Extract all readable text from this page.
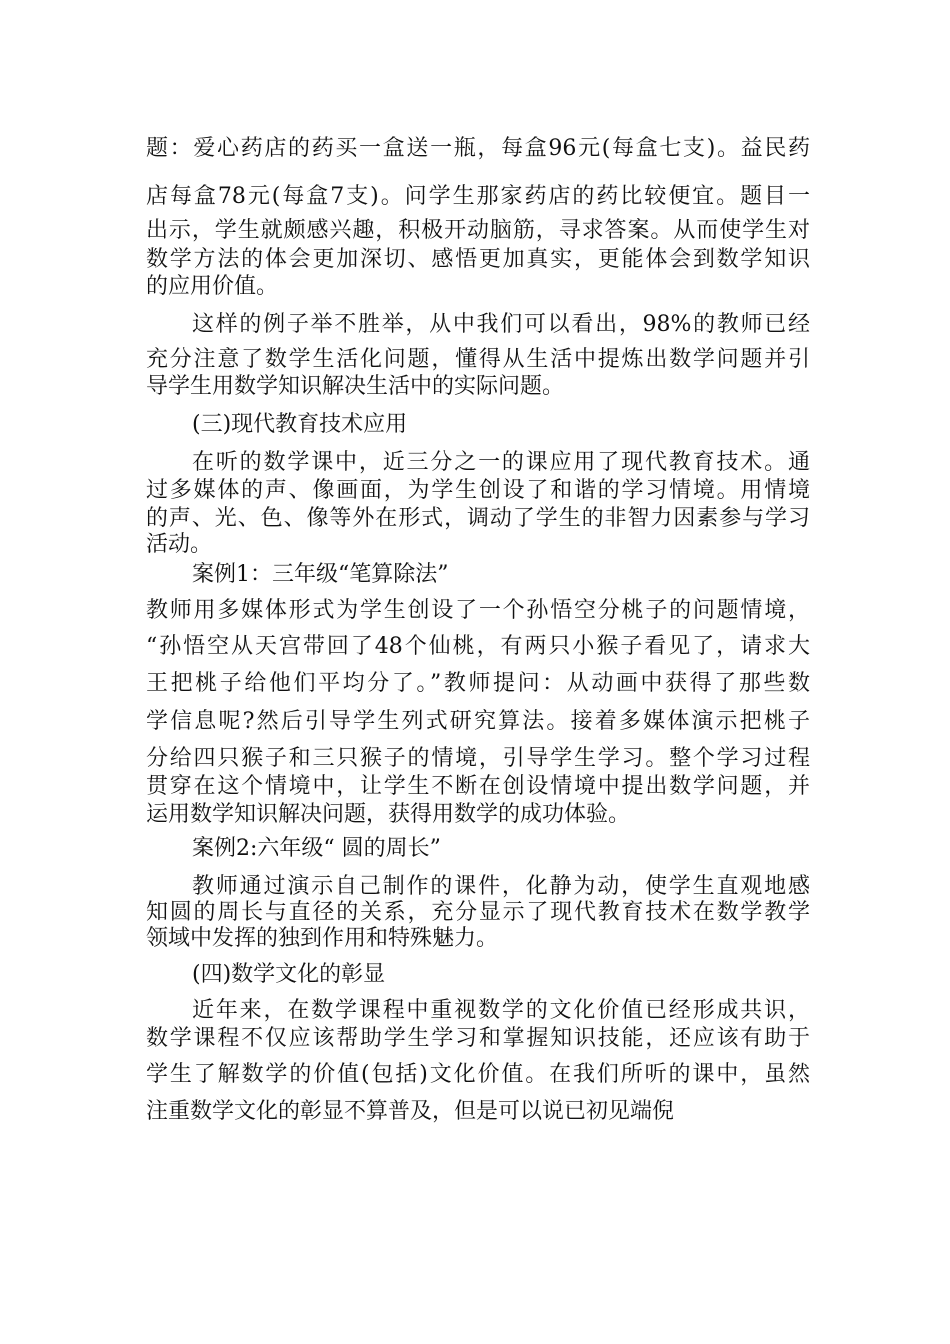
题：爱心药店的药买一盒送一瓶，每盒96元(每盒七支)。益民药
店每盒78元(每盒7支)。问学生那家药店的药比较便宜。题目一
出示，学生就颇感兴趣，积极开动脑筋，寻求答案。从而使学生对
数学方法的体会更加深切、感悟更加真实，更能体会到数学知识
的应用价值。
这样的例子举不胜举，从中我们可以看出，98%的教师已经
充分注意了数学生活化问题，懂得从生活中提炼出数学问题并引
导学生用数学知识解决生活中的实际问题。
(三)现代教育技术应用
在听的数学课中，近三分之一的课应用了现代教育技术。通
过多媒体的声、像画面，为学生创设了和谐的学习情境。用情境
的声、光、色、像等外在形式，调动了学生的非智力因素参与学习
活动。
案例1：三年级“笔算除法”
教师用多媒体形式为学生创设了一个孙悟空分桃子的问题情境，
“孙悟空从天宫带回了48个仙桃，有两只小猴子看见了，请求大
王把桃子给他们平均分了。”教师提问：从动画中获得了那些数
学信息呢?然后引导学生列式研究算法。接着多媒体演示把桃子
分给四只猴子和三只猴子的情境，引导学生学习。整个学习过程
贯穿在这个情境中，让学生不断在创设情境中提出数学问题，并
运用数学知识解决问题，获得用数学的成功体验。
案例2:六年级“ 圆的周长”
教师通过演示自己制作的课件，化静为动，使学生直观地感
知圆的周长与直径的关系，充分显示了现代教育技术在数学教学
领域中发挥的独到作用和特殊魅力。
(四)数学文化的彰显
近年来，在数学课程中重视数学的文化价值已经形成共识，
数学课程不仅应该帮助学生学习和掌握知识技能，还应该有助于
学生了解数学的价值(包括)文化价值。在我们所听的课中，虽然
注重数学文化的彰显不算普及，但是可以说已初见端倪
